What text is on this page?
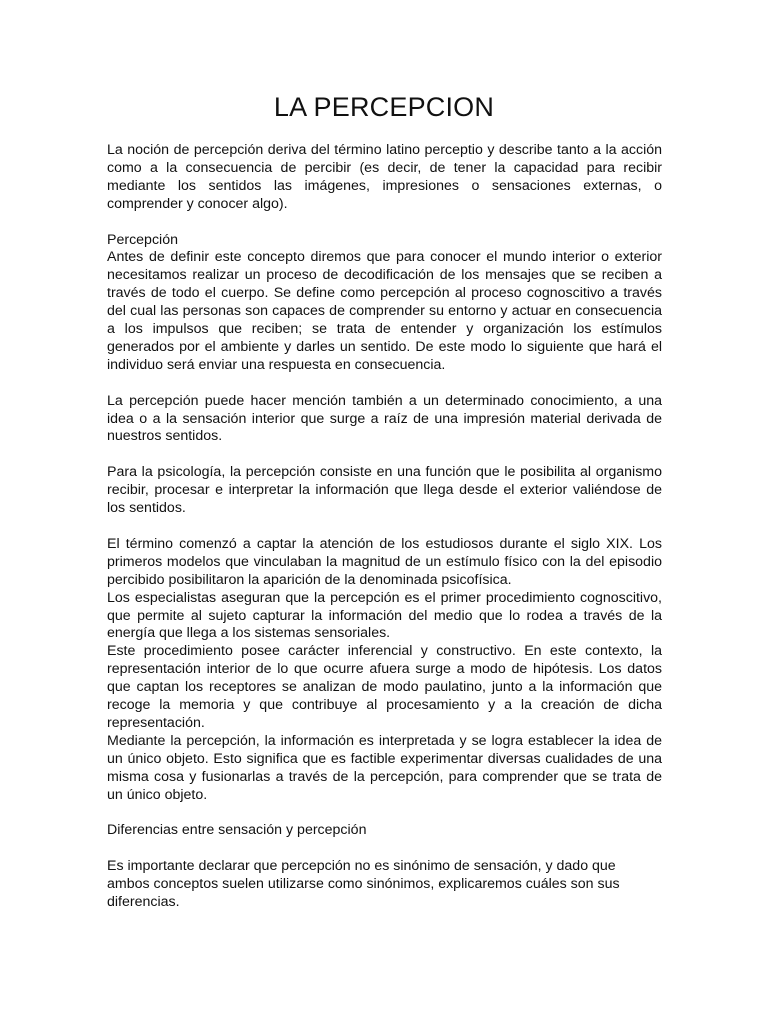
LA PERCEPCION

La noción de percepción deriva del término latino perceptio y describe tanto a la acción como a la consecuencia de percibir (es decir, de tener la capacidad para recibir mediante los sentidos las imágenes, impresiones o sensaciones externas, o comprender y conocer algo).

Percepción

Antes de definir este concepto diremos que para conocer el mundo interior o exterior necesitamos realizar un proceso de decodificación de los mensajes que se reciben a través de todo el cuerpo. Se define como percepción al proceso cognoscitivo a través del cual las personas son capaces de comprender su entorno y actuar en consecuencia a los impulsos que reciben; se trata de entender y organización los estímulos generados por el ambiente y darles un sentido. De este modo lo siguiente que hará el individuo será enviar una respuesta en consecuencia.

La percepción puede hacer mención también a un determinado conocimiento, a una idea o a la sensación interior que surge a raíz de una impresión material derivada de nuestros sentidos.

Para la psicología, la percepción consiste en una función que le posibilita al organismo recibir, procesar e interpretar la información que llega desde el exterior valiéndose de los sentidos.

El término comenzó a captar la atención de los estudiosos durante el siglo XIX. Los primeros modelos que vinculaban la magnitud de un estímulo físico con la del episodio percibido posibilitaron la aparición de la denominada psicofísica.

Los especialistas aseguran que la percepción es el primer procedimiento cognoscitivo, que permite al sujeto capturar la información del medio que lo rodea a través de la energía que llega a los sistemas sensoriales.

Este procedimiento posee carácter inferencial y constructivo. En este contexto, la representación interior de lo que ocurre afuera surge a modo de hipótesis. Los datos que captan los receptores se analizan de modo paulatino, junto a la información que recoge la memoria y que contribuye al procesamiento y a la creación de dicha representación.

Mediante la percepción, la información es interpretada y se logra establecer la idea de un único objeto. Esto significa que es factible experimentar diversas cualidades de una misma cosa y fusionarlas a través de la percepción, para comprender que se trata de un único objeto.

Diferencias entre sensación y percepción

Es importante declarar que percepción no es sinónimo de sensación, y dado que ambos conceptos suelen utilizarse como sinónimos, explicaremos cuáles son sus diferencias.
